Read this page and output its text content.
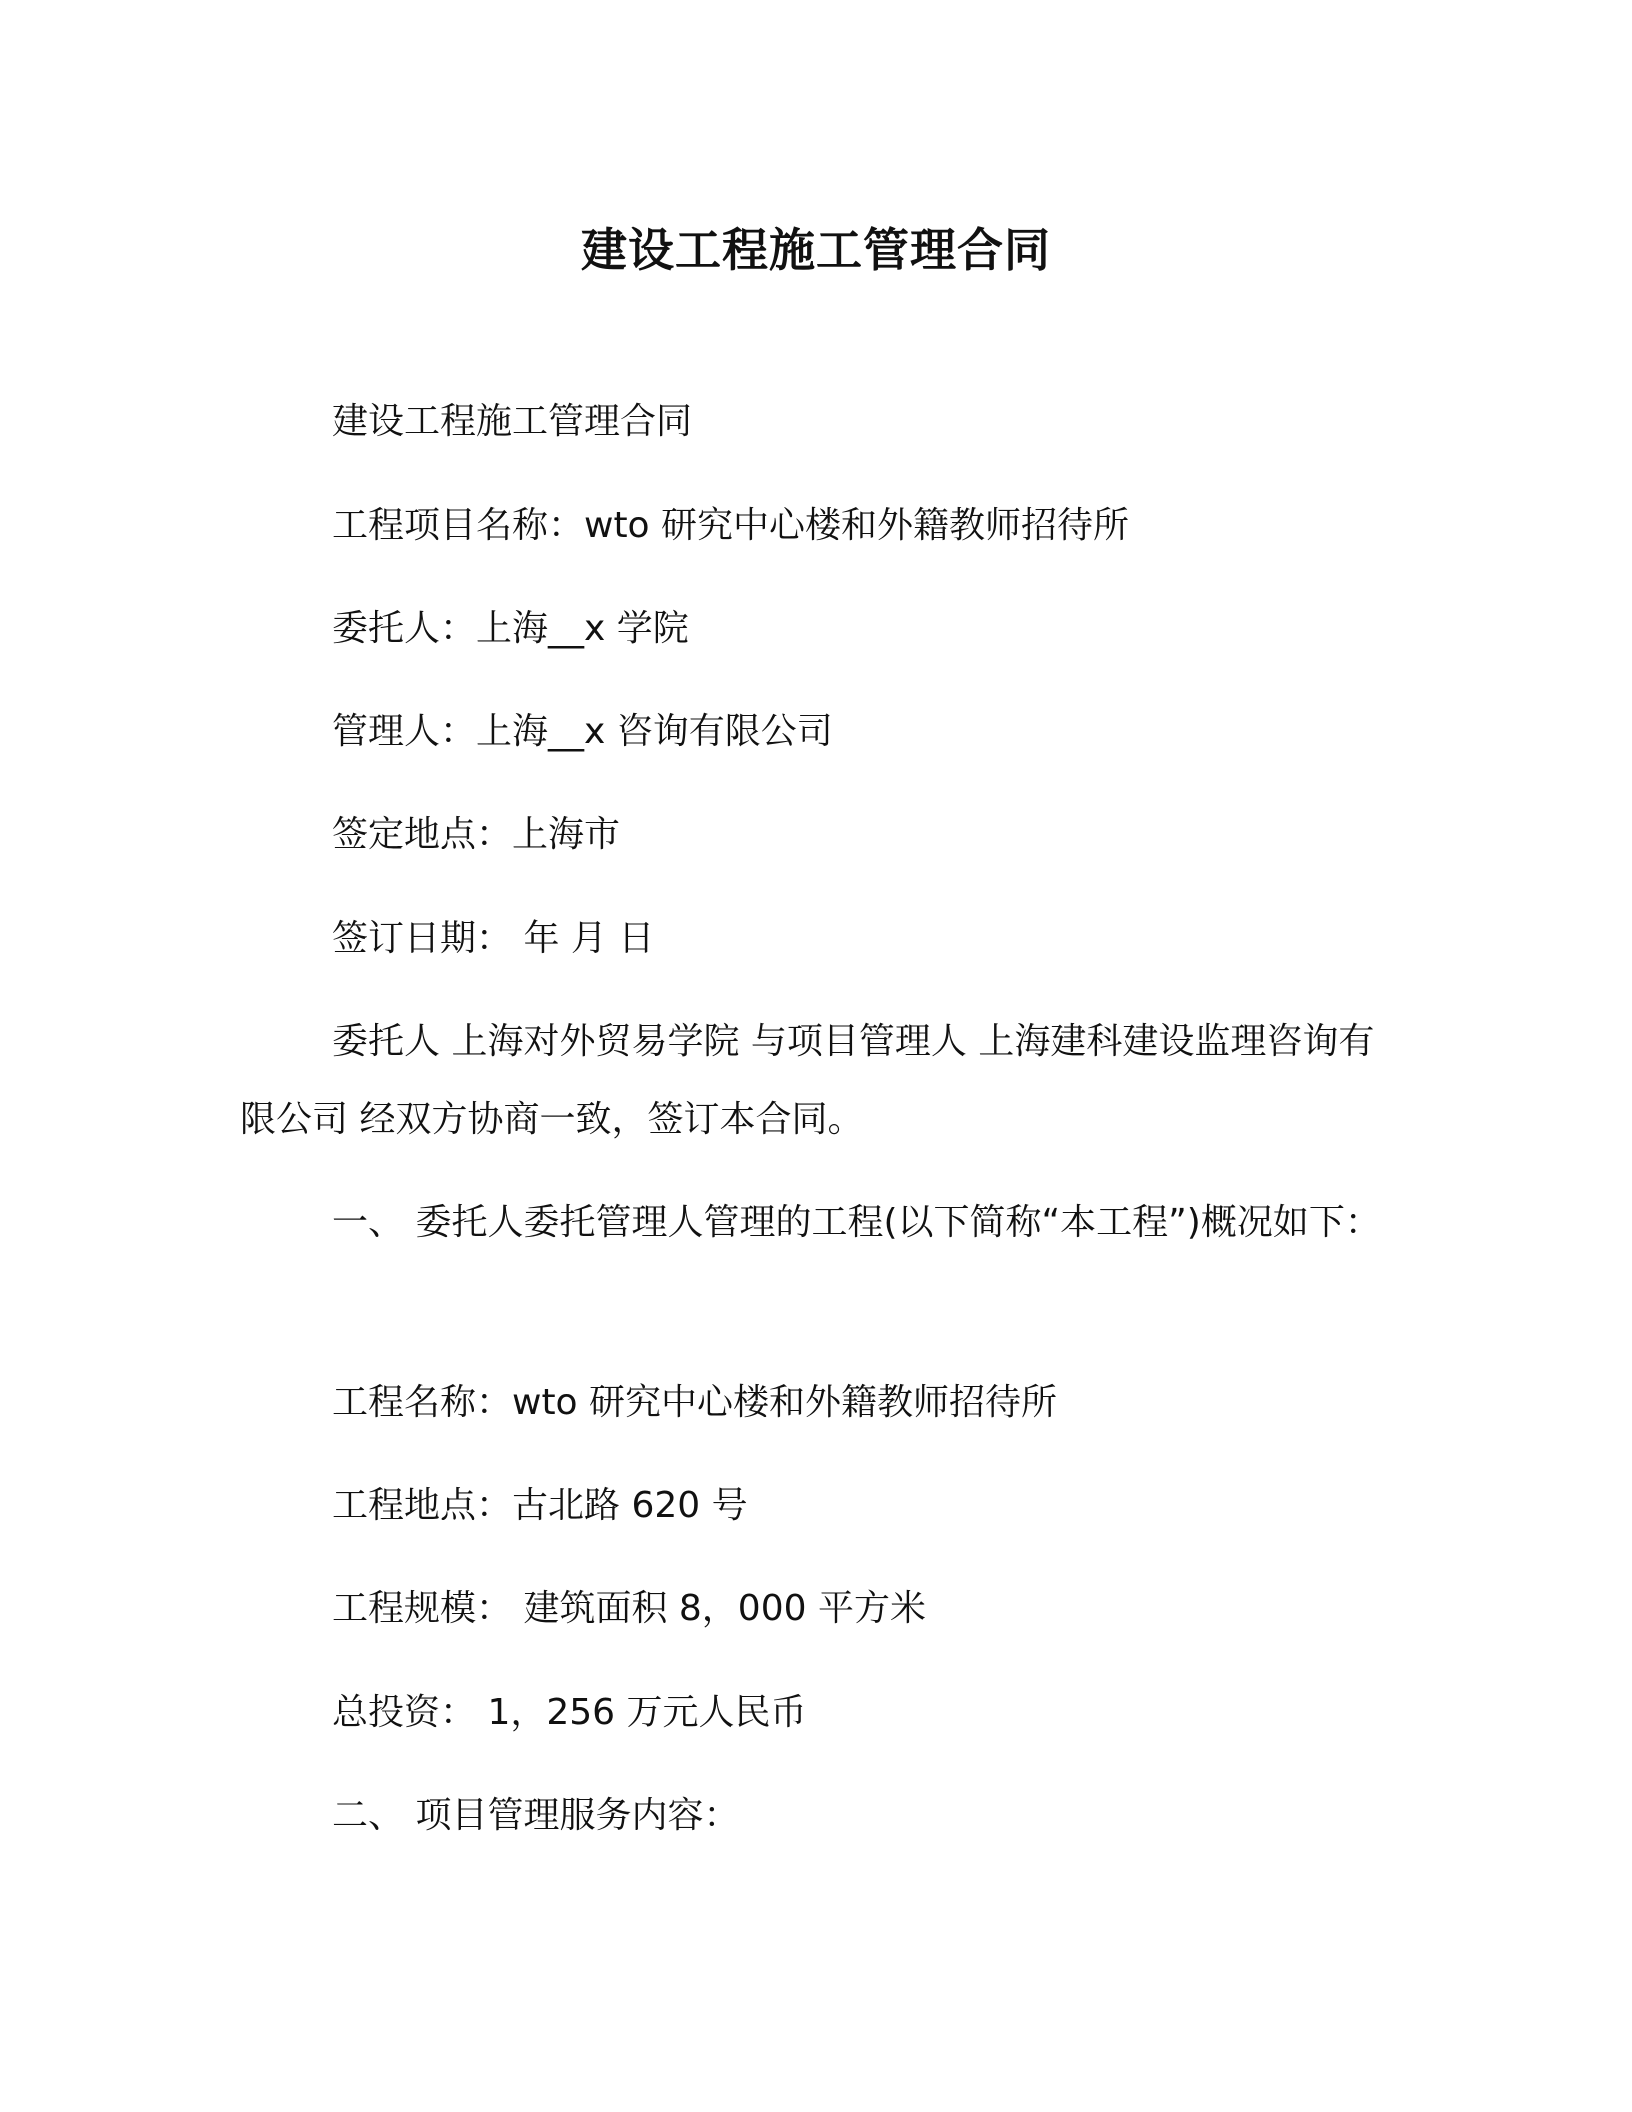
建设工程施工管理合同
建设工程施工管理合同
工程项目名称：wto 研究中心楼和外籍教师招待所
委托人：上海__x 学院
管理人：上海__x 咨询有限公司
签定地点：上海市
签订日期： 年 月 日
委托人 上海对外贸易学院 与项目管理人 上海建科建设监理咨询有限公司 经双方协商一致，签订本合同。
一、 委托人委托管理人管理的工程(以下简称“本工程”)概况如下：
工程名称：wto 研究中心楼和外籍教师招待所
工程地点：古北路 620 号
工程规模： 建筑面积 8，000 平方米
总投资： 1，256 万元人民币
二、 项目管理服务内容：
